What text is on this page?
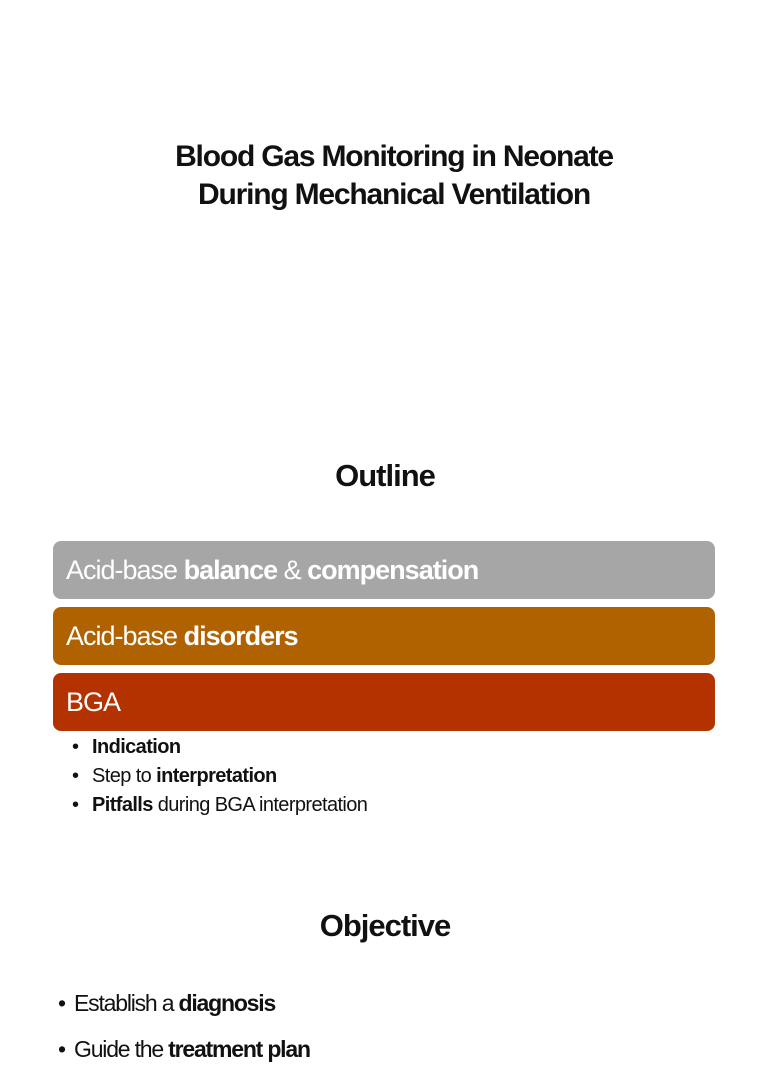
Blood Gas Monitoring in Neonate
During Mechanical Ventilation
Outline
Acid-base balance & compensation
Acid-base disorders
BGA
• Indication
• Step to interpretation
• Pitfalls during BGA interpretation
Objective
• Establish a diagnosis
• Guide the treatment plan
